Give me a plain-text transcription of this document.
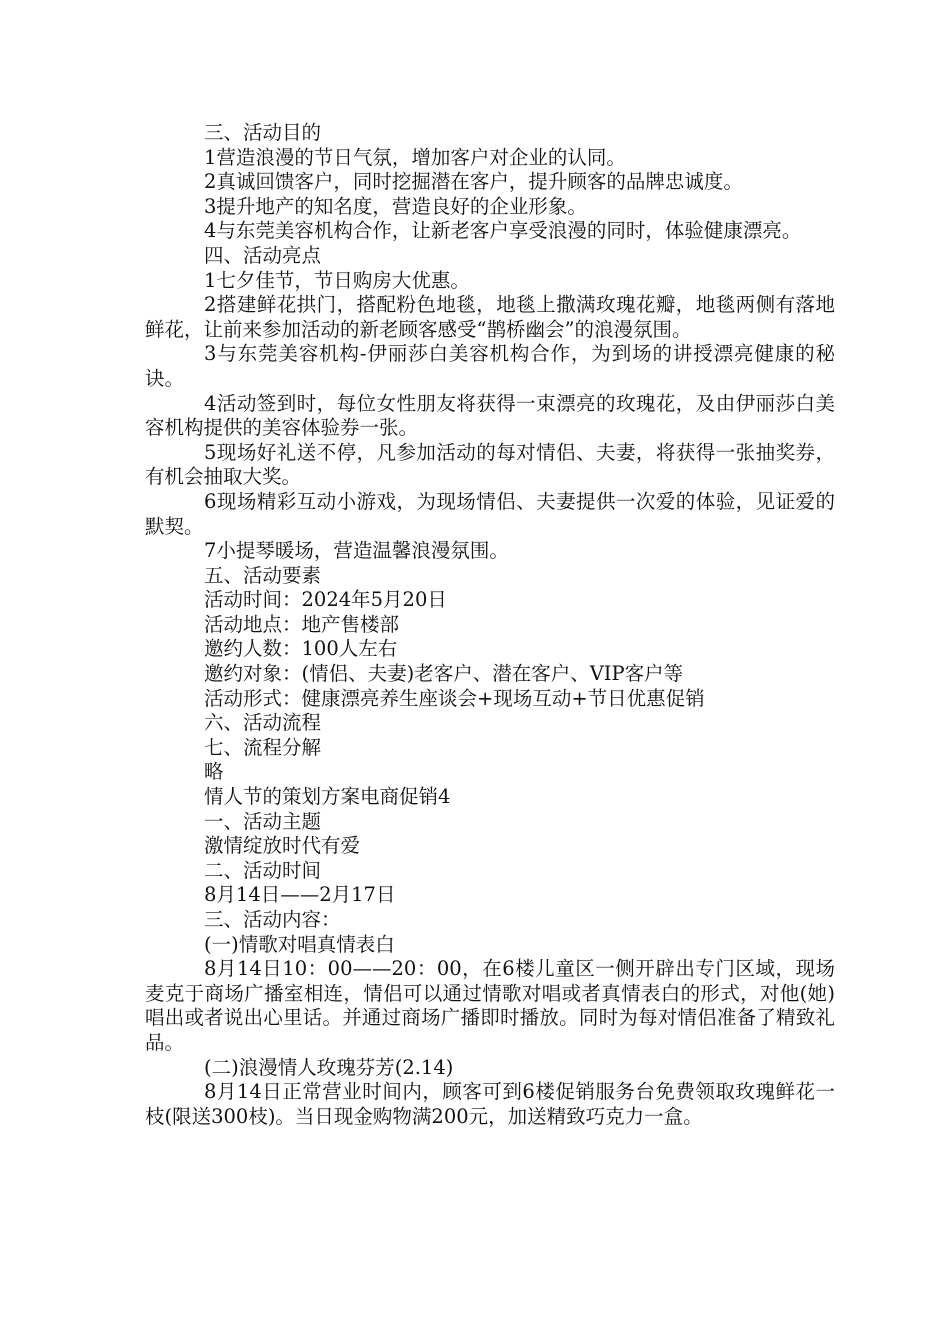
三、活动目的

1营造浪漫的节日气氛，增加客户对企业的认同。

2真诚回馈客户，同时挖掘潜在客户，提升顾客的品牌忠诚度。

3提升地产的知名度，营造良好的企业形象。

4与东莞美容机构合作，让新老客户享受浪漫的同时，体验健康漂亮。

四、活动亮点

1七夕佳节，节日购房大优惠。

2搭建鲜花拱门，搭配粉色地毯，地毯上撒满玫瑰花瓣，地毯两侧有落地鲜花，让前来参加活动的新老顾客感受“鹊桥幽会”的浪漫氛围。

3与东莞美容机构-伊丽莎白美容机构合作，为到场的讲授漂亮健康的秘诀。

4活动签到时，每位女性朋友将获得一束漂亮的玫瑰花，及由伊丽莎白美容机构提供的美容体验券一张。

5现场好礼送不停，凡参加活动的每对情侣、夫妻，将获得一张抽奖券，有机会抽取大奖。

6现场精彩互动小游戏，为现场情侣、夫妻提供一次爱的体验，见证爱的默契。

7小提琴暖场，营造温馨浪漫氛围。

五、活动要素

活动时间：2024年5月20日

活动地点：地产售楼部

邀约人数：100人左右

邀约对象：(情侣、夫妻)老客户、潜在客户、VIP客户等

活动形式：健康漂亮养生座谈会+现场互动+节日优惠促销

六、活动流程

七、流程分解

略

情人节的策划方案电商促销4

一、活动主题

激情绽放时代有爱

二、活动时间

8月14日——2月17日

三、活动内容：

(一)情歌对唱真情表白

8月14日10：00——20：00，在6楼儿童区一侧开辟出专门区域，现场麦克于商场广播室相连，情侣可以通过情歌对唱或者真情表白的形式，对他(她)唱出或者说出心里话。并通过商场广播即时播放。同时为每对情侣准备了精致礼品。

(二)浪漫情人玫瑰芬芳(2.14)

8月14日正常营业时间内，顾客可到6楼促销服务台免费领取玫瑰鲜花一枝(限送300枝)。当日现金购物满200元，加送精致巧克力一盒。
